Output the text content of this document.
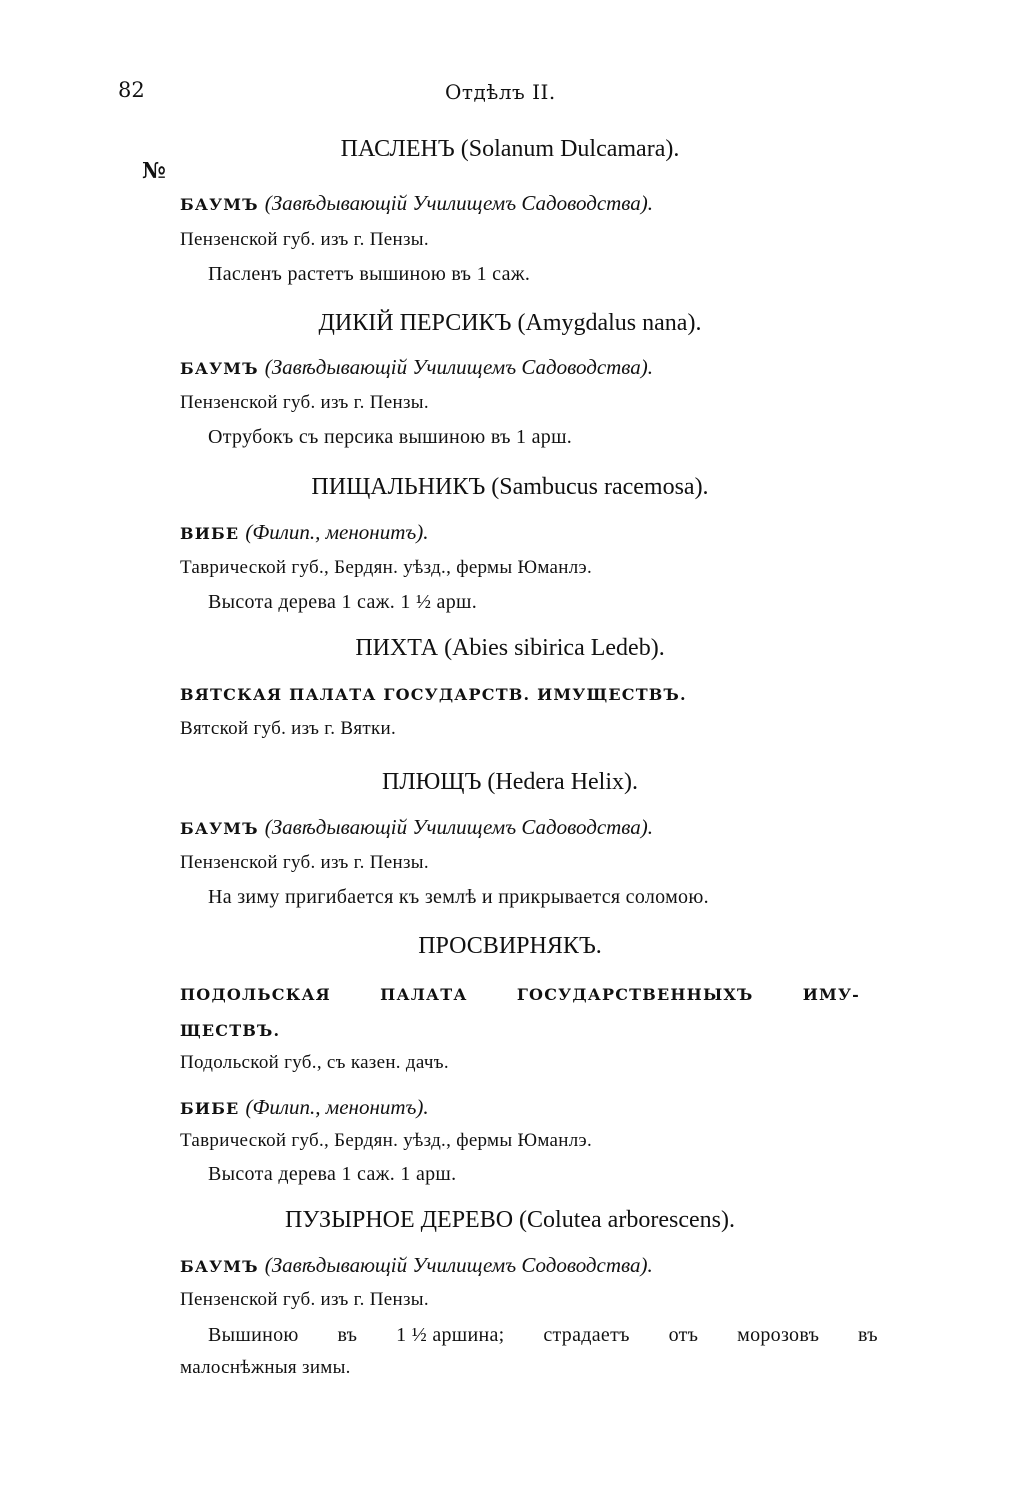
82	Отдѣлъ II.
№
ПАСЛЕНЪ (Solanum Dulcamara).
БАУМЪ (Завѣдывающій Училищемъ Садоводства).
Пензенской губ. изъ г. Пензы.
Пасленъ растетъ вышиною въ 1 саж.
ДИКІЙ ПЕРСИКЪ (Amygdalus nana).
БАУМЪ (Завѣдывающій Училищемъ Садоводства).
Пензенской губ. изъ г. Пензы.
Отрубокъ съ персика вышиною въ 1 арш.
ПИЩАЛЬНИКЪ (Sambucus racemosa).
ВИБЕ (Филип., менонитъ).
Таврической губ., Бердян. уѣзд., фермы Юманлэ.
Высота дерева 1 саж. 1 ½ арш.
ПИХТА (Abies sibirica Ledeb).
ВЯТСКАЯ ПАЛАТА ГОСУДАРСТВ. ИМУЩЕСТВЪ.
Вятской губ. изъ г. Вятки.
ПЛЮЩЪ (Hedera Helix).
БАУМЪ (Завѣдывающій Училищемъ Садоводства).
Пензенской губ. изъ г. Пензы.
На зиму пригибается къ землѣ и прикрывается соломою.
ПРОСВИРНЯКЪ.
ПОДОЛЬСКАЯ	ПАЛАТА	ГОСУДАРСТВЕННЫХЪ	ИМУ-
ЩЕСТВЪ.
Подольской губ., съ казен. дачъ.
БИБЕ (Филип., менонитъ).
Таврической губ., Бердян. уѣзд., фермы Юманлэ.
Высота дерева 1 саж. 1 арш.
ПУЗЫРНОЕ ДЕРЕВО (Colutea arborescens).
БАУМЪ (Завѣдывающій Училищемъ Содоводства).
Пензенской губ. изъ г. Пензы.
Вышиною въ 1 ½ аршина; страдаетъ отъ морозовъ въ
малоснѣжныя зимы.
